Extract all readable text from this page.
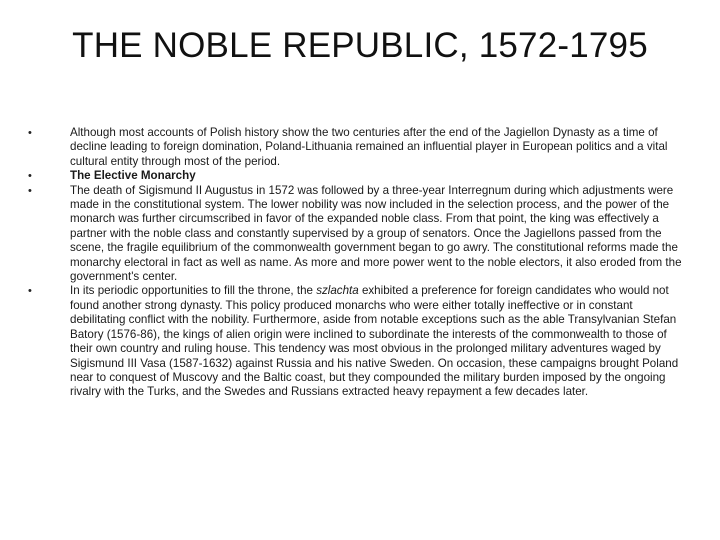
THE NOBLE REPUBLIC, 1572-1795
•	Although most accounts of Polish history show the two centuries after the end of the Jagiellon Dynasty as a time of decline leading to foreign domination, Poland-Lithuania remained an influential player in European politics and a vital cultural entity through most of the period.
•	The Elective Monarchy
•	The death of Sigismund II Augustus in 1572 was followed by a three-year Interregnum during which adjustments were made in the constitutional system. The lower nobility was now included in the selection process, and the power of the monarch was further circumscribed in favor of the expanded noble class. From that point, the king was effectively a partner with the noble class and constantly supervised by a group of senators. Once the Jagiellons passed from the scene, the fragile equilibrium of the commonwealth government began to go awry. The constitutional reforms made the monarchy electoral in fact as well as name. As more and more power went to the noble electors, it also eroded from the government's center.
•	In its periodic opportunities to fill the throne, the szlachta exhibited a preference for foreign candidates who would not found another strong dynasty. This policy produced monarchs who were either totally ineffective or in constant debilitating conflict with the nobility. Furthermore, aside from notable exceptions such as the able Transylvanian Stefan Batory (1576-86), the kings of alien origin were inclined to subordinate the interests of the commonwealth to those of their own country and ruling house. This tendency was most obvious in the prolonged military adventures waged by Sigismund III Vasa (1587-1632) against Russia and his native Sweden. On occasion, these campaigns brought Poland near to conquest of Muscovy and the Baltic coast, but they compounded the military burden imposed by the ongoing rivalry with the Turks, and the Swedes and Russians extracted heavy repayment a few decades later.
